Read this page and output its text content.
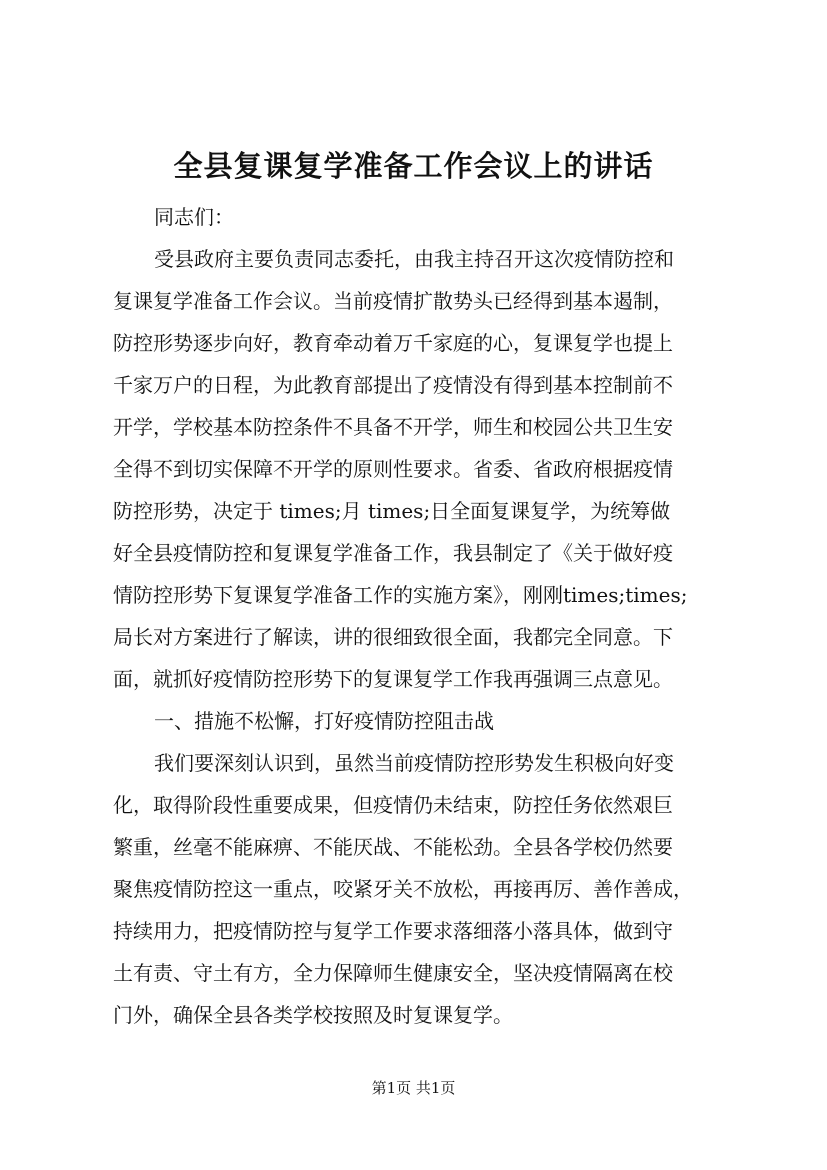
全县复课复学准备工作会议上的讲话
同志们：
受县政府主要负责同志委托，由我主持召开这次疫情防控和
复课复学准备工作会议。当前疫情扩散势头已经得到基本遏制，
防控形势逐步向好，教育牵动着万千家庭的心，复课复学也提上
千家万户的日程，为此教育部提出了疫情没有得到基本控制前不
开学，学校基本防控条件不具备不开学，师生和校园公共卫生安
全得不到切实保障不开学的原则性要求。省委、省政府根据疫情
防控形势，决定于 times;月 times;日全面复课复学，为统筹做
好全县疫情防控和复课复学准备工作，我县制定了《关于做好疫
情防控形势下复课复学准备工作的实施方案》，刚刚times;times;
局长对方案进行了解读，讲的很细致很全面，我都完全同意。下
面，就抓好疫情防控形势下的复课复学工作我再强调三点意见。
一、措施不松懈，打好疫情防控阻击战
我们要深刻认识到，虽然当前疫情防控形势发生积极向好变
化，取得阶段性重要成果，但疫情仍未结束，防控任务依然艰巨
繁重，丝毫不能麻痹、不能厌战、不能松劲。全县各学校仍然要
聚焦疫情防控这一重点，咬紧牙关不放松，再接再厉、善作善成，
持续用力，把疫情防控与复学工作要求落细落小落具体，做到守
土有责、守土有方，全力保障师生健康安全，坚决疫情隔离在校
门外，确保全县各类学校按照及时复课复学。
第1页 共1页
